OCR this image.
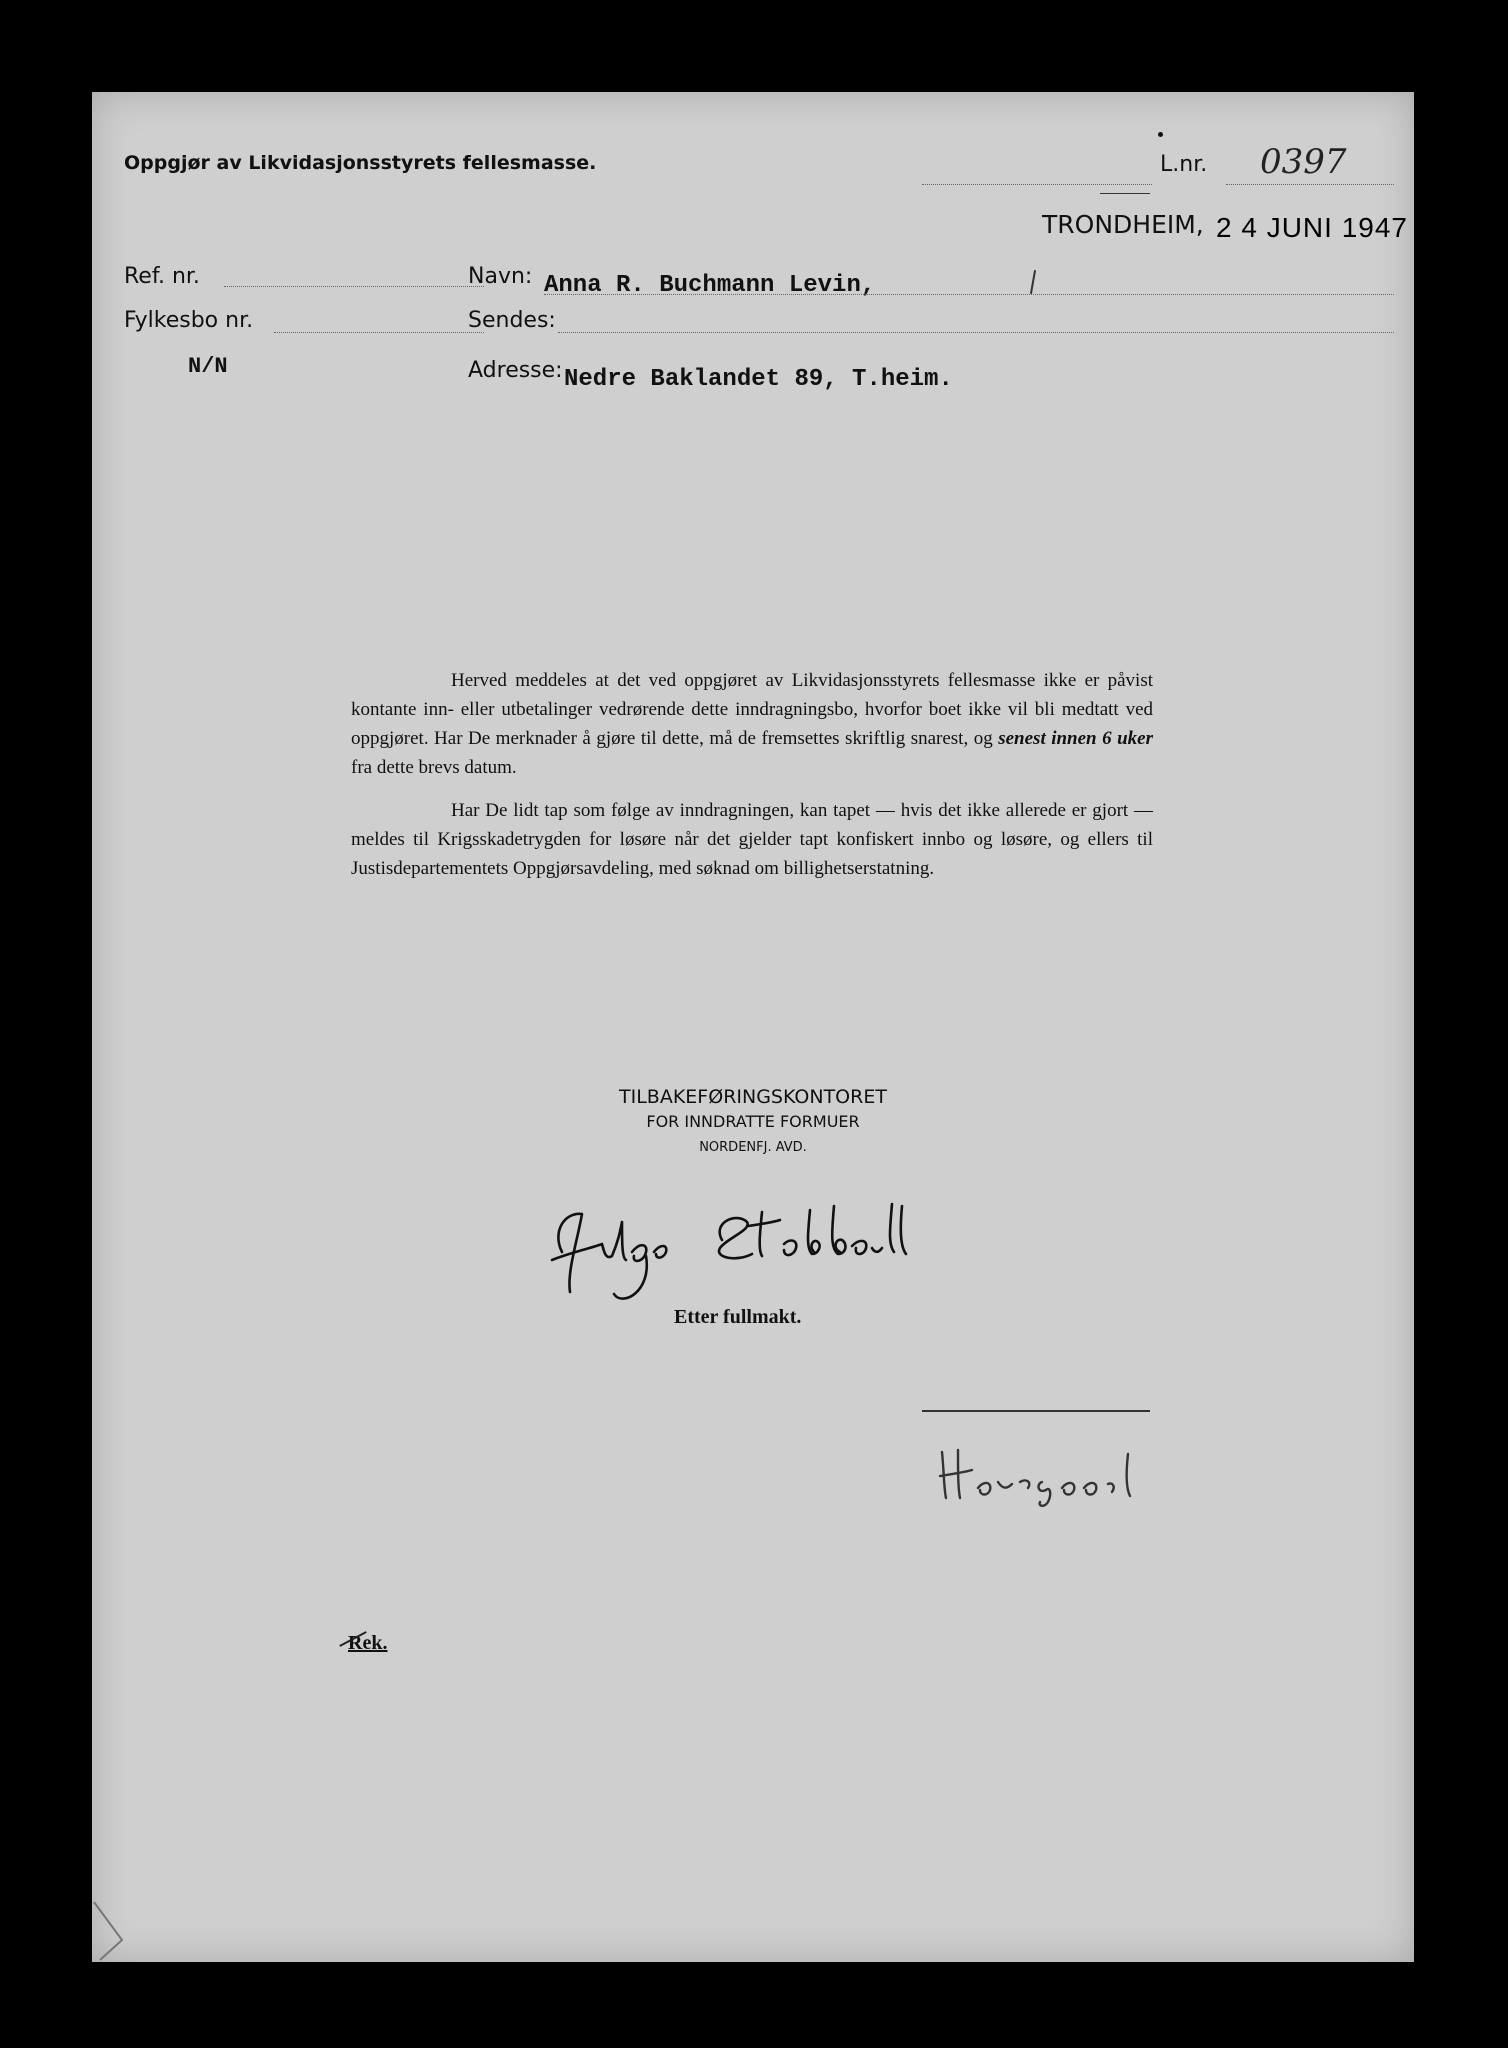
Oppgjør av Likvidasjonsstyrets fellesmasse.	L.nr. 0397
TRONDHEIM, 2 4 JUNI 1947
Ref. nr.
Fylkesbo nr.
N/N
Navn: Anna R. Buchmann Levin,
Sendes:
Adresse: Nedre Baklandet 89, T.heim.

Herved meddeles at det ved oppgjøret av Likvidasjonsstyrets fellesmasse ikke er påvist kontante inn- eller utbetalinger vedrørende dette inndragningsbo, hvorfor boet ikke vil bli medtatt ved oppgjøret. Har De merknader å gjøre til dette, må de fremsettes skriftlig snarest, og senest innen 6 uker fra dette brevs datum.

Har De lidt tap som følge av inndragningen, kan tapet — hvis det ikke allerede er gjort — meldes til Krigsskadetrygden for løsøre når det gjelder tapt konfiskert innbo og løsøre, og ellers til Justisdepartementets Oppgjørsavdeling, med søknad om billighetserstatning.

TILBAKEFØRINGSKONTORET
FOR INNDRATTE FORMUER
NORDENFJ. AVD.
Etter fullmakt.
Rek.
